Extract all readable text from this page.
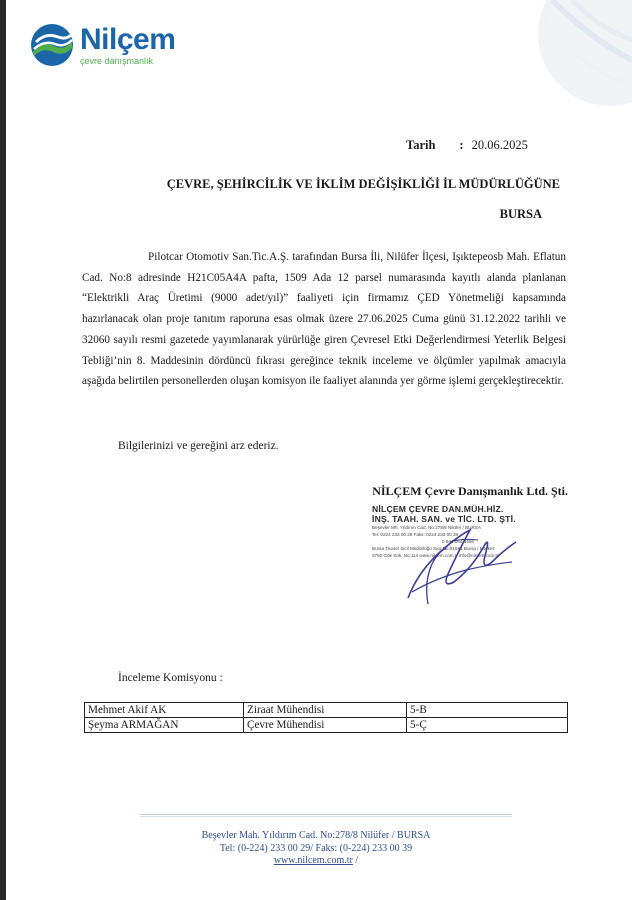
Nilçem
çevre danışmanlık
Tarih : 20.06.2025
ÇEVRE, ŞEHİRCİLİK VE İKLİM DEĞİŞİKLİĞİ İL MÜDÜRLÜĞÜNE
BURSA

Pilotcar Otomotiv San.Tic.A.Ş. tarafından Bursa İli, Nilüfer İlçesi, Işıktepeosb Mah. Eflatun Cad. No:8 adresinde H21C05A4A pafta, 1509 Ada 12 parsel numarasında kayıtlı alanda planlanan “Elektrikli Araç Üretimi (9000 adet/yıl)” faaliyeti için firmamız ÇED Yönetmeliği kapsamında hazırlanacak olan proje tanıtım raporuna esas olmak üzere 27.06.2025 Cuma günü 31.12.2022 tarihli ve 32060 sayılı resmi gazetede yayımlanarak yürürlüğe giren Çevresel Etki Değerlendirmesi Yeterlik Belgesi Tebliği’nin 8. Maddesinin dördüncü fıkrası gereğince teknik inceleme ve ölçümler yapılmak amacıyla aşağıda belirtilen personellerden oluşan komisyon ile faaliyet alanında yer görme işlemi gerçekleştirecektir.

Bilgilerinizi ve gereğini arz ederiz.
NİLÇEM Çevre Danışmanlık Ltd. Şti.
NİLÇEM ÇEVRE DAN.MÜH.HİZ.
İNŞ. TAAH. SAN. ve TİC. LTD. ŞTİ.
Beşevler Mh. Yıldırım Cad. No:278/8 Nilüfer / BURSA
Tel: 0224 233 00 29 Faks: 0224 233 00 39
0 541 064 3456
Bursa Ticaret Sicil Müdürlüğü Sicil No:81591 Bursa / Merkez
3750 Gök Sok. No:114 www.nilcem.com.tr info@nilcem.com.tr
İnceleme Komisyonu :
Mehmet Akif AK	Ziraat Mühendisi	5-B
Şeyma ARMAĞAN	Çevre Mühendisi	5-Ç
Beşevler Mah. Yıldırım Cad. No:278/8 Nilüfer / BURSA
Tel: (0-224) 233 00 29/ Faks: (0-224) 233 00 39
www.nilcem.com.tr /
